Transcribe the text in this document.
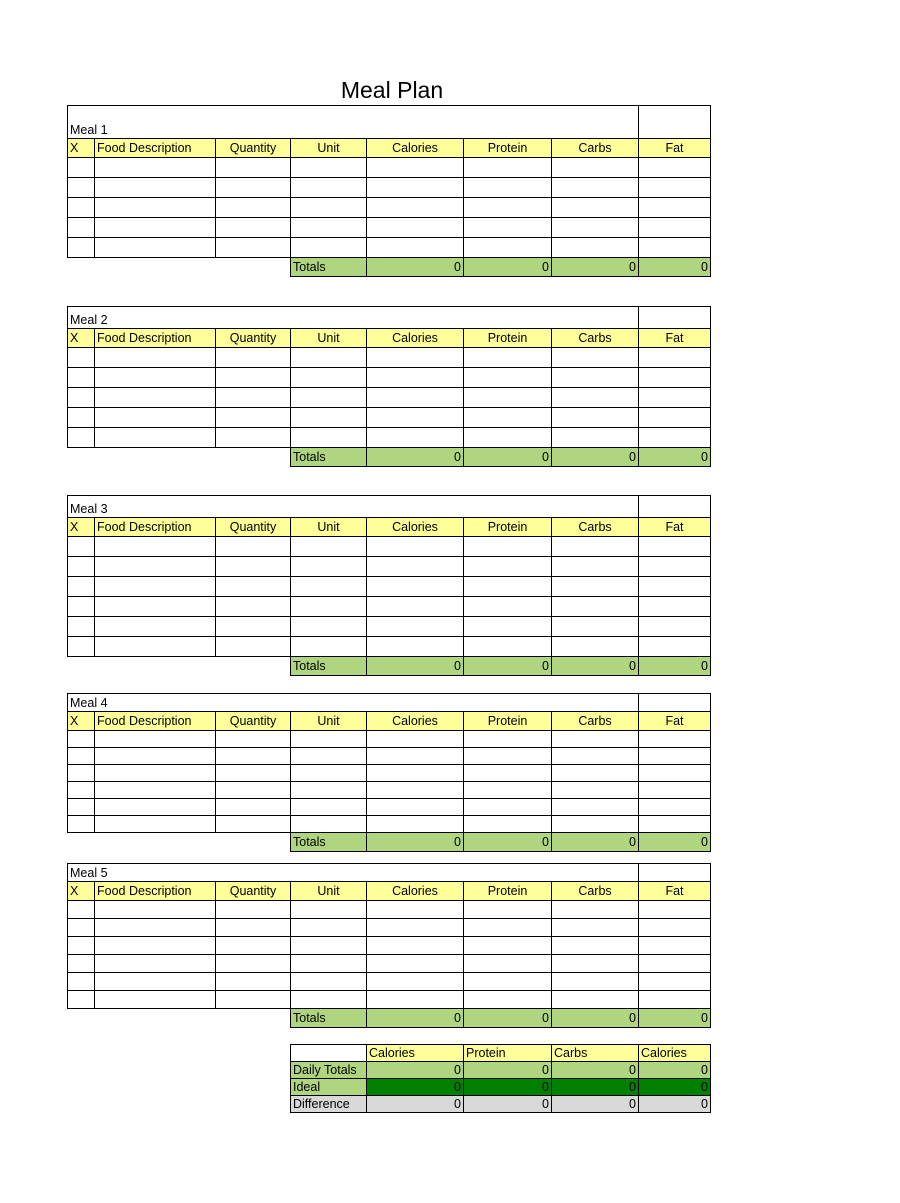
Meal Plan
Meal 1							
X	Food Description	Quantity	Unit	Calories	Protein	Carbs	Fat

			Totals	0	0	0	0
Meal 2							
X	Food Description	Quantity	Unit	Calories	Protein	Carbs	Fat

			Totals	0	0	0	0
Meal 3							
X	Food Description	Quantity	Unit	Calories	Protein	Carbs	Fat

			Totals	0	0	0	0
Meal 4							
X	Food Description	Quantity	Unit	Calories	Protein	Carbs	Fat

			Totals	0	0	0	0
Meal 5							
X	Food Description	Quantity	Unit	Calories	Protein	Carbs	Fat

			Totals	0	0	0	0
	Calories	Protein	Carbs	Calories
Daily Totals	0	0	0	0
Ideal	0	0	0	0
Difference	0	0	0	0
